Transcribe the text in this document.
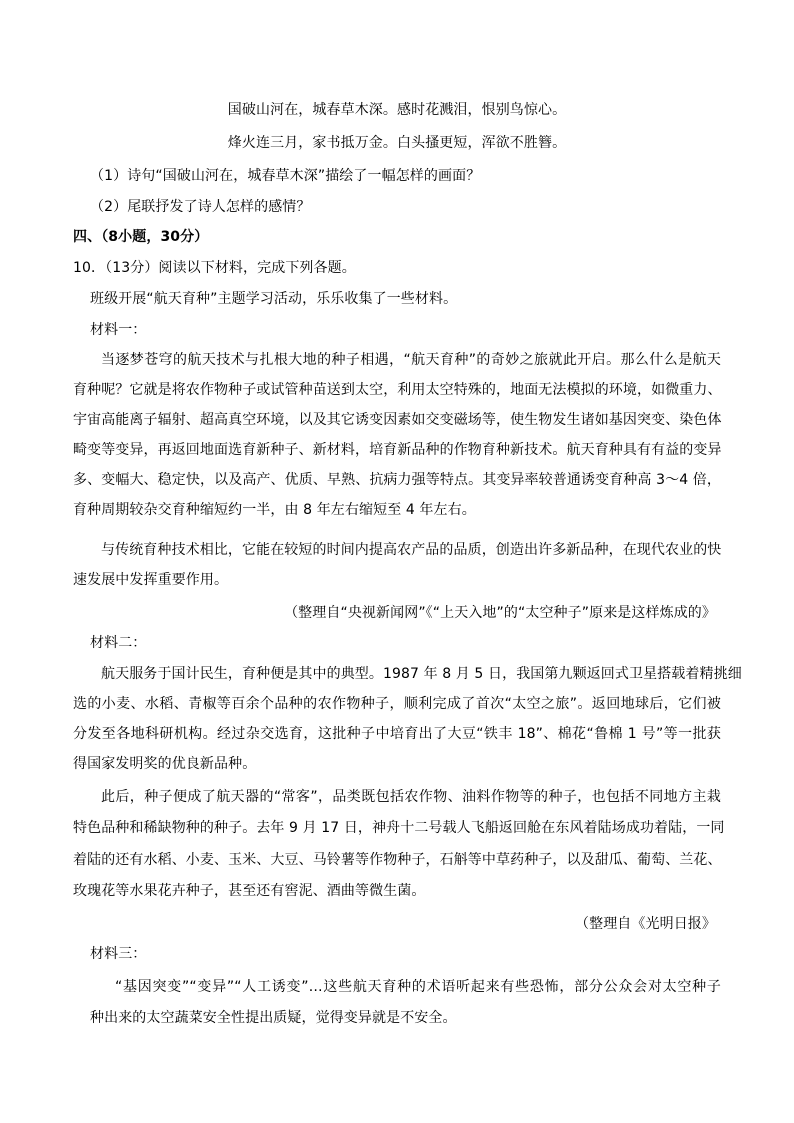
国破山河在，城春草木深。感时花溅泪，恨别鸟惊心。
烽火连三月，家书抵万金。白头搔更短，浑欲不胜簪。
（1）诗句“国破山河在，城春草木深”描绘了一幅怎样的画面？
（2）尾联抒发了诗人怎样的感情？
四、（8小题，30分）
10．（13分）阅读以下材料，完成下列各题。
班级开展“航天育种”主题学习活动，乐乐收集了一些材料。
材料一：
当逐梦苍穹的航天技术与扎根大地的种子相遇，“航天育种”的奇妙之旅就此开启。那么什么是航天
育种呢？它就是将农作物种子或试管种苗送到太空，利用太空特殊的，地面无法模拟的环境，如微重力、
宇宙高能离子辐射、超高真空环境，以及其它诱变因素如交变磁场等，使生物发生诸如基因突变、染色体
畸变等变异，再返回地面选育新种子、新材料，培育新品种的作物育种新技术。航天育种具有有益的变异
多、变幅大、稳定快，以及高产、优质、早熟、抗病力强等特点。其变异率较普通诱变育种高 3～4 倍，
育种周期较杂交育种缩短约一半，由 8 年左右缩短至 4 年左右。
与传统育种技术相比，它能在较短的时间内提高农产品的品质，创造出许多新品种，在现代农业的快
速发展中发挥重要作用。
（整理自“央视新闻网”《“上天入地”的“太空种子”原来是这样炼成的》
材料二：
航天服务于国计民生，育种便是其中的典型。1987 年 8 月 5 日，我国第九颗返回式卫星搭载着精挑细
选的小麦、水稻、青椒等百余个品种的农作物种子，顺利完成了首次“太空之旅”。返回地球后，它们被
分发至各地科研机构。经过杂交选育，这批种子中培育出了大豆“铁丰 18”、棉花“鲁棉 1 号”等一批获
得国家发明奖的优良新品种。
此后，种子便成了航天器的“常客”，品类既包括农作物、油料作物等的种子，也包括不同地方主栽
特色品种和稀缺物种的种子。去年 9 月 17 日，神舟十二号载人飞船返回舱在东风着陆场成功着陆，一同
着陆的还有水稻、小麦、玉米、大豆、马铃薯等作物种子，石斛等中草药种子，以及甜瓜、葡萄、兰花、
玫瑰花等水果花卉种子，甚至还有窖泥、酒曲等微生菌。
（整理自《光明日报》
材料三：
“基因突变”“变异”“人工诱变”…这些航天育种的术语听起来有些恐怖，部分公众会对太空种子
种出来的太空蔬菜安全性提出质疑，觉得变异就是不安全。
